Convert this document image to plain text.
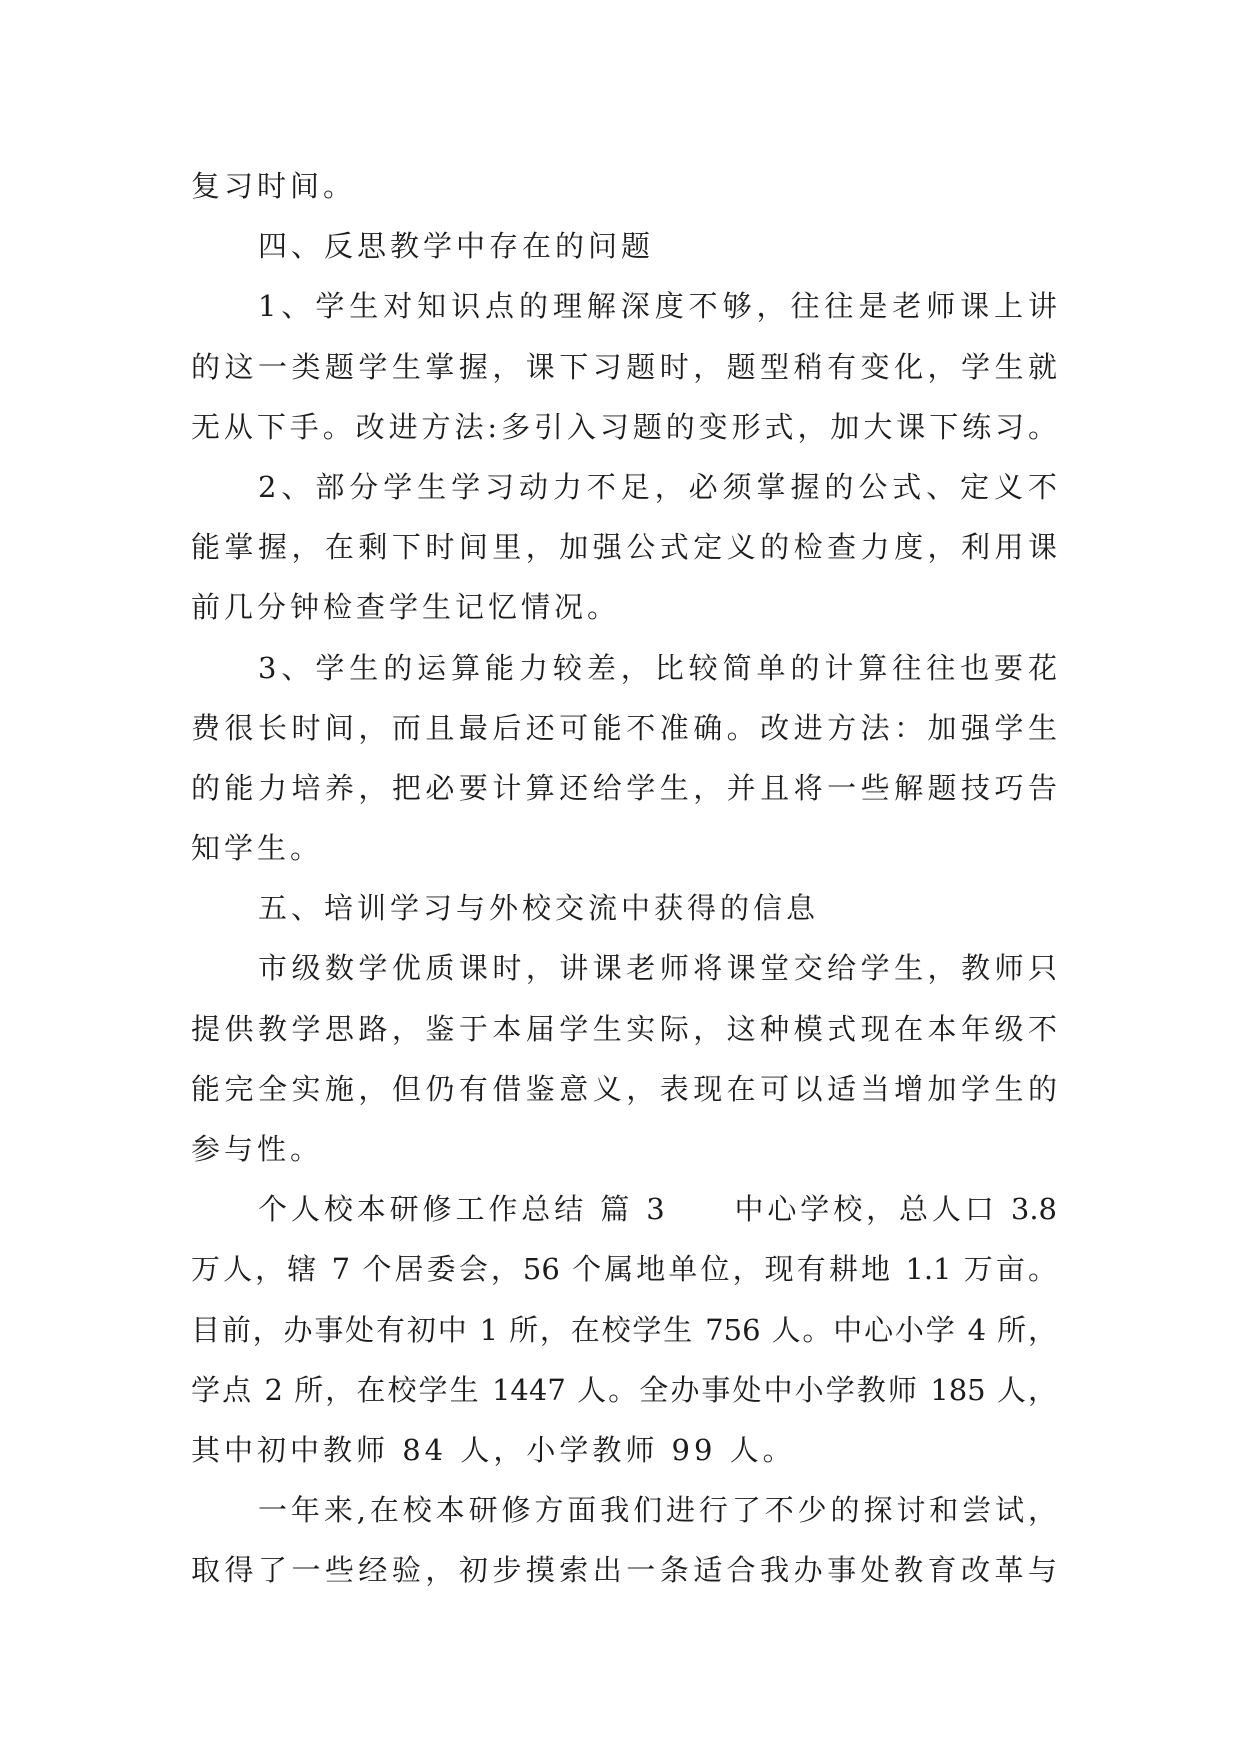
复习时间。
四、反思教学中存在的问题
1、学生对知识点的理解深度不够，往往是老师课上讲
的这一类题学生掌握，课下习题时，题型稍有变化，学生就
无从下手。改进方法:多引入习题的变形式，加大课下练习。
2、部分学生学习动力不足，必须掌握的公式、定义不
能掌握，在剩下时间里，加强公式定义的检查力度，利用课
前几分钟检查学生记忆情况。
3、学生的运算能力较差，比较简单的计算往往也要花
费很长时间，而且最后还可能不准确。改进方法：加强学生
的能力培养，把必要计算还给学生，并且将一些解题技巧告
知学生。
五、培训学习与外校交流中获得的信息
市级数学优质课时，讲课老师将课堂交给学生，教师只
提供教学思路，鉴于本届学生实际，这种模式现在本年级不
能完全实施，但仍有借鉴意义，表现在可以适当增加学生的
参与性。
个人校本研修工作总结 篇 3　　中心学校，总人口 3.8
万人，辖 7 个居委会，56 个属地单位，现有耕地 1.1 万亩。
目前，办事处有初中 1 所，在校学生 756 人。中心小学 4 所，
学点 2 所，在校学生 1447 人。全办事处中小学教师 185 人，
其中初中教师 84 人，小学教师 99 人。
一年来,在校本研修方面我们进行了不少的探讨和尝试，
取得了一些经验，初步摸索出一条适合我办事处教育改革与
